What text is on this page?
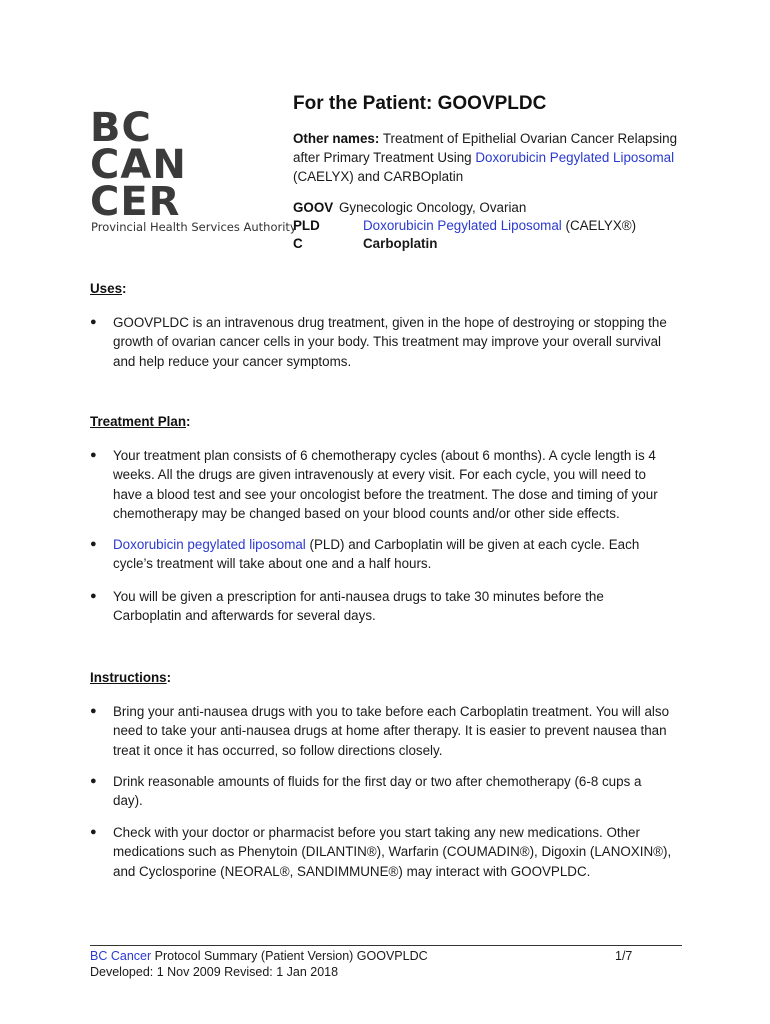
BC
CAN
CER
Provincial Health Services Authority
For the Patient: GOOVPLDC
Other names: Treatment of Epithelial Ovarian Cancer Relapsing after Primary Treatment Using Doxorubicin Pegylated Liposomal (CAELYX) and CARBOplatin
GOOV Gynecologic Oncology, Ovarian
PLD	Doxorubicin Pegylated Liposomal (CAELYX®)
C	Carboplatin
Uses:
● GOOVPLDC is an intravenous drug treatment, given in the hope of destroying or stopping the growth of ovarian cancer cells in your body. This treatment may improve your overall survival and help reduce your cancer symptoms.
Treatment Plan:
● Your treatment plan consists of 6 chemotherapy cycles (about 6 months). A cycle length is 4 weeks. All the drugs are given intravenously at every visit. For each cycle, you will need to have a blood test and see your oncologist before the treatment. The dose and timing of your chemotherapy may be changed based on your blood counts and/or other side effects.
● Doxorubicin pegylated liposomal (PLD) and Carboplatin will be given at each cycle. Each cycle’s treatment will take about one and a half hours.
● You will be given a prescription for anti-nausea drugs to take 30 minutes before the Carboplatin and afterwards for several days.
Instructions:
● Bring your anti-nausea drugs with you to take before each Carboplatin treatment. You will also need to take your anti-nausea drugs at home after therapy. It is easier to prevent nausea than treat it once it has occurred, so follow directions closely.
● Drink reasonable amounts of fluids for the first day or two after chemotherapy (6-8 cups a day).
● Check with your doctor or pharmacist before you start taking any new medications. Other medications such as Phenytoin (DILANTIN®), Warfarin (COUMADIN®), Digoxin (LANOXIN®), and Cyclosporine (NEORAL®, SANDIMMUNE®) may interact with GOOVPLDC.
BC Cancer Protocol Summary (Patient Version) GOOVPLDC	1/7
Developed: 1 Nov 2009 Revised: 1 Jan 2018
